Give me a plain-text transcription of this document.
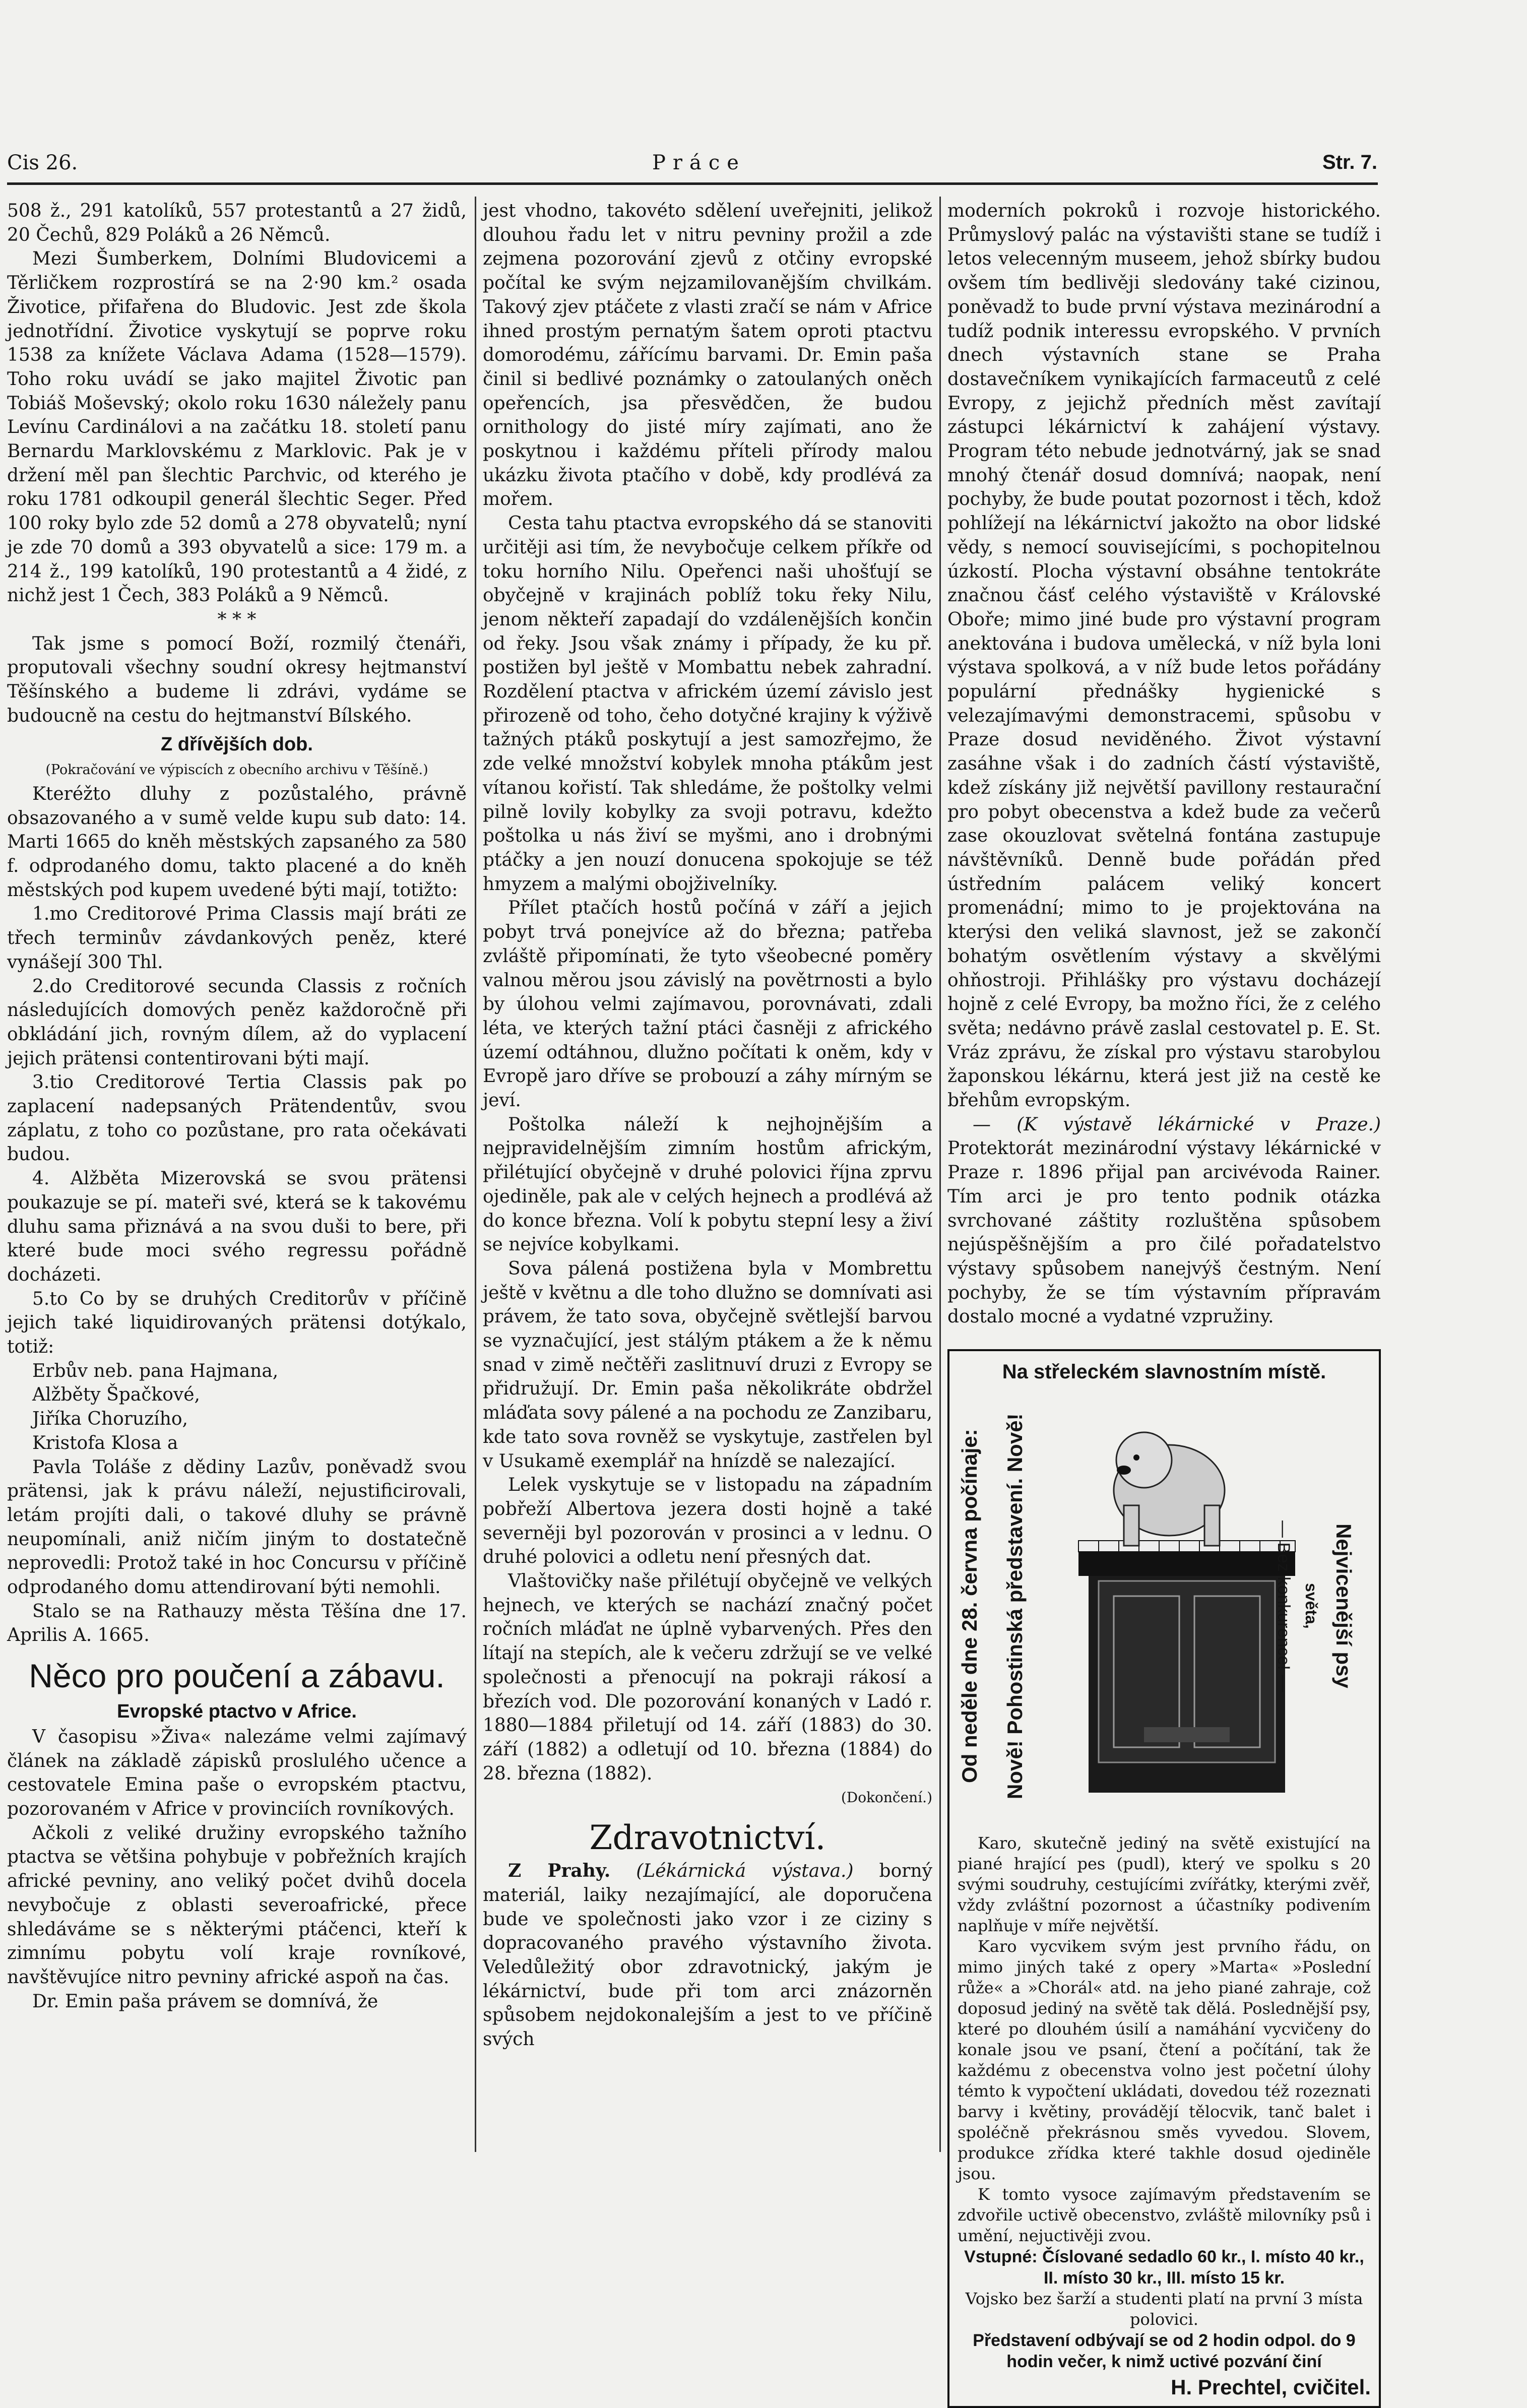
Cis 26.	Práce	Str. 7.

508 ž., 291 katolíků, 557 protestantů a 27 židů, 20 Čechů, 829 Poláků a 26 Němců.

Mezi Šumberkem, Dolními Bludovicemi a Těrličkem rozprostírá se na 2·90 km.² osada Životice, přifařena do Bludovic. Jest zde škola jednotřídní. Životice vyskytují se poprve roku 1538 za knížete Václava Adama (1528—1579). Toho roku uvádí se jako majitel Životic pan Tobiáš Moševský; okolo roku 1630 náležely panu Levínu Cardinálovi a na začátku 18. století panu Bernardu Marklovskému z Marklovic. Pak je v držení měl pan šlechtic Parchvic, od kterého je roku 1781 odkoupil generál šlechtic Seger. Před 100 roky bylo zde 52 domů a 278 obyvatelů; nyní je zde 70 domů a 393 obyvatelů a sice: 179 m. a 214 ž., 199 katolíků, 190 protestantů a 4 židé, z nichž jest 1 Čech, 383 Poláků a 9 Němců.

* * *

Tak jsme s pomocí Boží, rozmilý čtenáři, proputovali všechny soudní okresy hejtmanství Těšínského a budeme li zdrávi, vydáme se budoucně na cestu do hejtmanství Bílského.

Z dřívějších dob.
(Pokračování ve výpiscích z obecního archivu v Těšíně.)

Kteréžto dluhy z pozůstalého, právně obsazovaného a v sumě velde kupu sub dato: 14. Marti 1665 do kněh městských zapsaného za 580 f. odprodaného domu, takto placené a do kněh městských pod kupem uvedené býti mají, totižto:

1.mo Creditorové Prima Classis mají bráti ze třech terminův závdankových peněz, které vynášejí 300 Thl.

2.do Creditorové secunda Classis z ročních následujících domových peněz každoročně při obkládání jich, rovným dílem, až do vyplacení jejich prätensi contentirovani býti mají.

3.tio Creditorové Tertia Classis pak po zaplacení nadepsaných Prätendentův, svou záplatu, z toho co pozůstane, pro rata očekávati budou.

4. Alžběta Mizerovská se svou prätensi poukazuje se pí. mateři své, která se k takovému dluhu sama přiznává a na svou duši to bere, při které bude moci svého regressu pořádně docházeti.

5.to Co by se druhých Creditorův v příčině jejich také liquidirovaných prätensi dotýkalo, totiž:

Erbův neb. pana Hajmana,

Alžběty Špačkové,

Jiříka Choruzího,

Kristofa Klosa a

Pavla Toláše z dědiny Lazův, poněvadž svou prätensi, jak k právu náleží, nejustificirovali, letám projíti dali, o takové dluhy se právně neupomínali, aniž ničím jiným to dostatečně neprovedli: Protož také in hoc Concursu v příčině odprodaného domu attendirovaní býti nemohli.

Stalo se na Rathauzy města Těšína dne 17. Aprilis A. 1665.

Něco pro poučení a zábavu.
Evropské ptactvo v Africe.

V časopisu »Živa« nalezáme velmi zajímavý článek na základě zápisků proslulého učence a cestovatele Emina paše o evropském ptactvu, pozorovaném v Africe v provinciích rovníkových.

Ačkoli z veliké družiny evropského tažního ptactva se většina pohybuje v pobřežních krajích africké pevniny, ano veliký počet dvihů docela nevybočuje z oblasti severoafrické, přece shledáváme se s některými ptáčenci, kteří k zimnímu pobytu volí kraje rovníkové, navštěvujíce nitro pevniny africké aspoň na čas.

Dr. Emin paša právem se domnívá, že

jest vhodno, takovéto sdělení uveřejniti, jelikož dlouhou řadu let v nitru pevniny prožil a zde zejmena pozorování zjevů z otčiny evropské počítal ke svým nejzamilovanějším chvilkám. Takový zjev ptáčete z vlasti zračí se nám v Africe ihned prostým pernatým šatem oproti ptactvu domorodému, zářícímu barvami. Dr. Emin paša činil si bedlivé poznámky o zatoulaných oněch opeřencích, jsa přesvědčen, že budou ornithology do jisté míry zajímati, ano že poskytnou i každému příteli přírody malou ukázku života ptačího v době, kdy prodlévá za mořem.

Cesta tahu ptactva evropského dá se stanoviti určitěji asi tím, že nevybočuje celkem příkře od toku horního Nilu. Opeřenci naši uhošťují se obyčejně v krajinách poblíž toku řeky Nilu, jenom někteří zapadají do vzdálenějších končin od řeky. Jsou však známy i případy, že ku př. postižen byl ještě v Mombattu nebek zahradní. Rozdělení ptactva v africkém území závislo jest přirozeně od toho, čeho dotyčné krajiny k výživě tažných ptáků poskytují a jest samozřejmo, že zde velké množství kobylek mnoha ptákům jest vítanou kořistí. Tak shledáme, že poštolky velmi pilně lovily kobylky za svoji potravu, kdežto poštolka u nás živí se myšmi, ano i drobnými ptáčky a jen nouzí donucena spokojuje se též hmyzem a malými obojživelníky.

Přílet ptačích hostů počíná v září a jejich pobyt trvá ponejvíce až do března; patřeba zvláště připomínati, že tyto všeobecné poměry valnou měrou jsou závislý na povětrnosti a bylo by úlohou velmi zajímavou, porovnávati, zdali léta, ve kterých tažní ptáci časněji z afrického území odtáhnou, dlužno počítati k oněm, kdy v Evropě jaro dříve se probouzí a záhy mírným se jeví.

Poštolka náleží k nejhojnějším a nejpravidelnějším zimním hostům africkým, přilétující obyčejně v druhé polovici října zprvu ojediněle, pak ale v celých hejnech a prodlévá až do konce března. Volí k pobytu stepní lesy a živí se nejvíce kobylkami.

Sova pálená postižena byla v Mombrettu ještě v květnu a dle toho dlužno se domnívati asi právem, že tato sova, obyčejně světlejší barvou se vyznačující, jest stálým ptákem a že k němu snad v zimě nečtěři zaslitnuví druzi z Evropy se přidružují. Dr. Emin paša několikráte obdržel mláďata sovy pálené a na pochodu ze Zanzibaru, kde tato sova rovněž se vyskytuje, zastřelen byl v Usukamě exemplář na hnízdě se nalezající.

Lelek vyskytuje se v listopadu na západním pobřeží Albertova jezera dosti hojně a také severněji byl pozorován v prosinci a v lednu. O druhé polovici a odletu není přesných dat.

Vlaštovičky naše přilétují obyčejně ve velkých hejnech, ve kterých se nachází značný počet ročních mláďat ne úplně vybarvených. Přes den lítají na stepích, ale k večeru zdržují se ve velké společnosti a přenocují na pokraji rákosí a březích vod. Dle pozorování konaných v Ladó r. 1880—1884 přiletují od 14. září (1883) do 30. září (1882) a odletují od 10. března (1884) do 28. března (1882).

(Dokončení.)

Zdravotnictví.

Z Prahy. (Lékárnická výstava.) borný materiál, laiky nezajímající, ale doporučena bude ve společnosti jako vzor i ze ciziny s dopracovaného pravého výstavního života. Veledůležitý obor zdravotnický, jakým je lékárnictví, bude při tom arci znázorněn spůsobem nejdokonalejším a jest to ve příčině svých

moderních pokroků i rozvoje historického. Průmyslový palác na výstavišti stane se tudíž i letos velecenným museem, jehož sbírky budou ovšem tím bedlivěji sledovány také cizinou, poněvadž to bude první výstava mezinárodní a tudíž podnik interessu evropského. V prvních dnech výstavních stane se Praha dostavečníkem vynikajících farmaceutů z celé Evropy, z jejichž předních měst zavítají zástupci lékárnictví k zahájení výstavy. Program této nebude jednotvárný, jak se snad mnohý čtenář dosud domnívá; naopak, není pochyby, že bude poutat pozornost i těch, kdož pohlížejí na lékárnictví jakožto na obor lidské vědy, s nemocí souvisejícími, s pochopitelnou úzkostí. Plocha výstavní obsáhne tentokráte značnou čásť celého výstaviště v Královské Oboře; mimo jiné bude pro výstavní program anektována i budova umělecká, v níž byla loni výstava spolková, a v níž bude letos pořádány populární přednášky hygienické s velezajímavými demonstracemi, spůsobu v Praze dosud neviděného. Život výstavní zasáhne však i do zadních částí výstaviště, kdež získány již největší pavillony restaurační pro pobyt obecenstva a kdež bude za večerů zase okouzlovat světelná fontána zastupuje návštěvníků. Denně bude pořádán před ústředním palácem veliký koncert promenádní; mimo to je projektována na kterýsi den veliká slavnost, jež se zakončí bohatým osvětlením výstavy a skvělými ohňostroji. Přihlášky pro výstavu docházejí hojně z celé Evropy, ba možno říci, že z celého světa; nedávno právě zaslal cestovatel p. E. St. Vráz zprávu, že získal pro výstavu starobylou žaponskou lékárnu, která jest již na cestě ke břehům evropským.

— (K výstavě lékárnické v Praze.) Protektorát mezinárodní výstavy lékárnické v Praze r. 1896 přijal pan arcivévoda Rainer. Tím arci je pro tento podnik otázka svrchované záštity rozluštěna spůsobem nejúspěšnějším a pro čilé pořadatelstvo výstavy spůsobem nanejvýš čestným. Není pochyby, že se tím výstavním přípravám dostalo mocné a vydatné vzpružiny.

Na střeleckém slavnostním místě.
Od neděle dne 28. června počínaje:	Nově! Pohostinská představení. Nově!	Nejvicenější psy
světa,
— Bez konkurence! —

Karo, skutečně jediný na světě existující na piané hrající pes (pudl), který ve spolku s 20 svými soudruhy, cestujícími zvířátky, kterými zvěř, vždy zvláštní pozornost a účastníky podivením naplňuje v míře největší.

Karo vycvikem svým jest prvního řádu, on mimo jiných také z opery »Marta« »Poslední růže« a »Chorál« atd. na jeho piané zahraje, což doposud jediný na světě tak dělá. Poslednější psy, které po dlouhém úsilí a namáhání vycvičeny do konale jsou ve psaní, čtení a počítání, tak že každému z obecenstva volno jest početní úlohy témto k vypočtení ukládati, dovedou též rozeznati barvy i květiny, provádějí tělocvik, tanč balet i spoléčně překrásnou směs vyvedou. Slovem, produkce zřídka které takhle dosud ojediněle jsou.

K tomto vysoce zajímavým představením se zdvořile uctivě obecenstvo, zvláště milovníky psů i umění, nejuctivěji zvou.

Vstupné: Číslované sedadlo 60 kr., I. místo 40 kr., II. místo 30 kr., III. místo 15 kr.
Vojsko bez šarží a studenti platí na první 3 místa polovici.
Představení odbývají se od 2 hodin odpol. do 9 hodin večer, k nimž uctivé pozvání činí
H. Prechtel, cvičitel.
